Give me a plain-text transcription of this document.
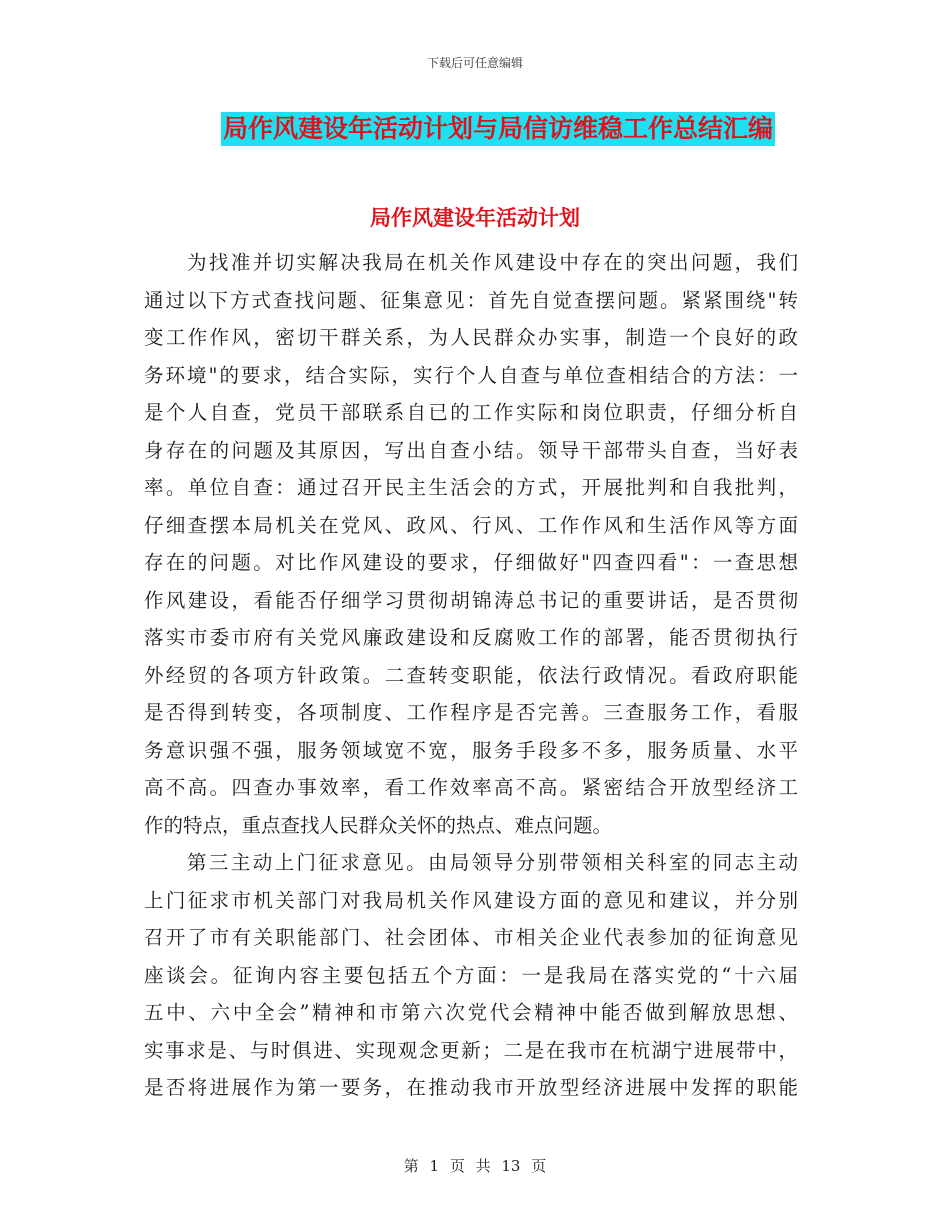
下载后可任意编辑
局作风建设年活动计划与局信访维稳工作总结汇编
局作风建设年活动计划
为找准并切实解决我局在机关作风建设中存在的突出问题，我们
通过以下方式查找问题、征集意见：首先自觉查摆问题。紧紧围绕"转
变工作作风，密切干群关系，为人民群众办实事，制造一个良好的政
务环境"的要求，结合实际，实行个人自查与单位查相结合的方法：一
是个人自查，党员干部联系自已的工作实际和岗位职责，仔细分析自
身存在的问题及其原因，写出自查小结。领导干部带头自查，当好表
率。单位自查：通过召开民主生活会的方式，开展批判和自我批判，
仔细查摆本局机关在党风、政风、行风、工作作风和生活作风等方面
存在的问题。对比作风建设的要求，仔细做好"四查四看"：一查思想
作风建设，看能否仔细学习贯彻胡锦涛总书记的重要讲话，是否贯彻
落实市委市府有关党风廉政建设和反腐败工作的部署，能否贯彻执行
外经贸的各项方针政策。二查转变职能，依法行政情况。看政府职能
是否得到转变，各项制度、工作程序是否完善。三查服务工作，看服
务意识强不强，服务领域宽不宽，服务手段多不多，服务质量、水平
高不高。四查办事效率，看工作效率高不高。紧密结合开放型经济工
作的特点，重点查找人民群众关怀的热点、难点问题。
第三主动上门征求意见。由局领导分别带领相关科室的同志主动
上门征求市机关部门对我局机关作风建设方面的意见和建议，并分别
召开了市有关职能部门、社会团体、市相关企业代表参加的征询意见
座谈会。征询内容主要包括五个方面：一是我局在落实党的“十六届
五中、六中全会”精神和市第六次党代会精神中能否做到解放思想、
实事求是、与时俱进、实现观念更新；二是在我市在杭湖宁进展带中，
是否将进展作为第一要务，在推动我市开放型经济进展中发挥的职能
第 1 页 共 13 页
